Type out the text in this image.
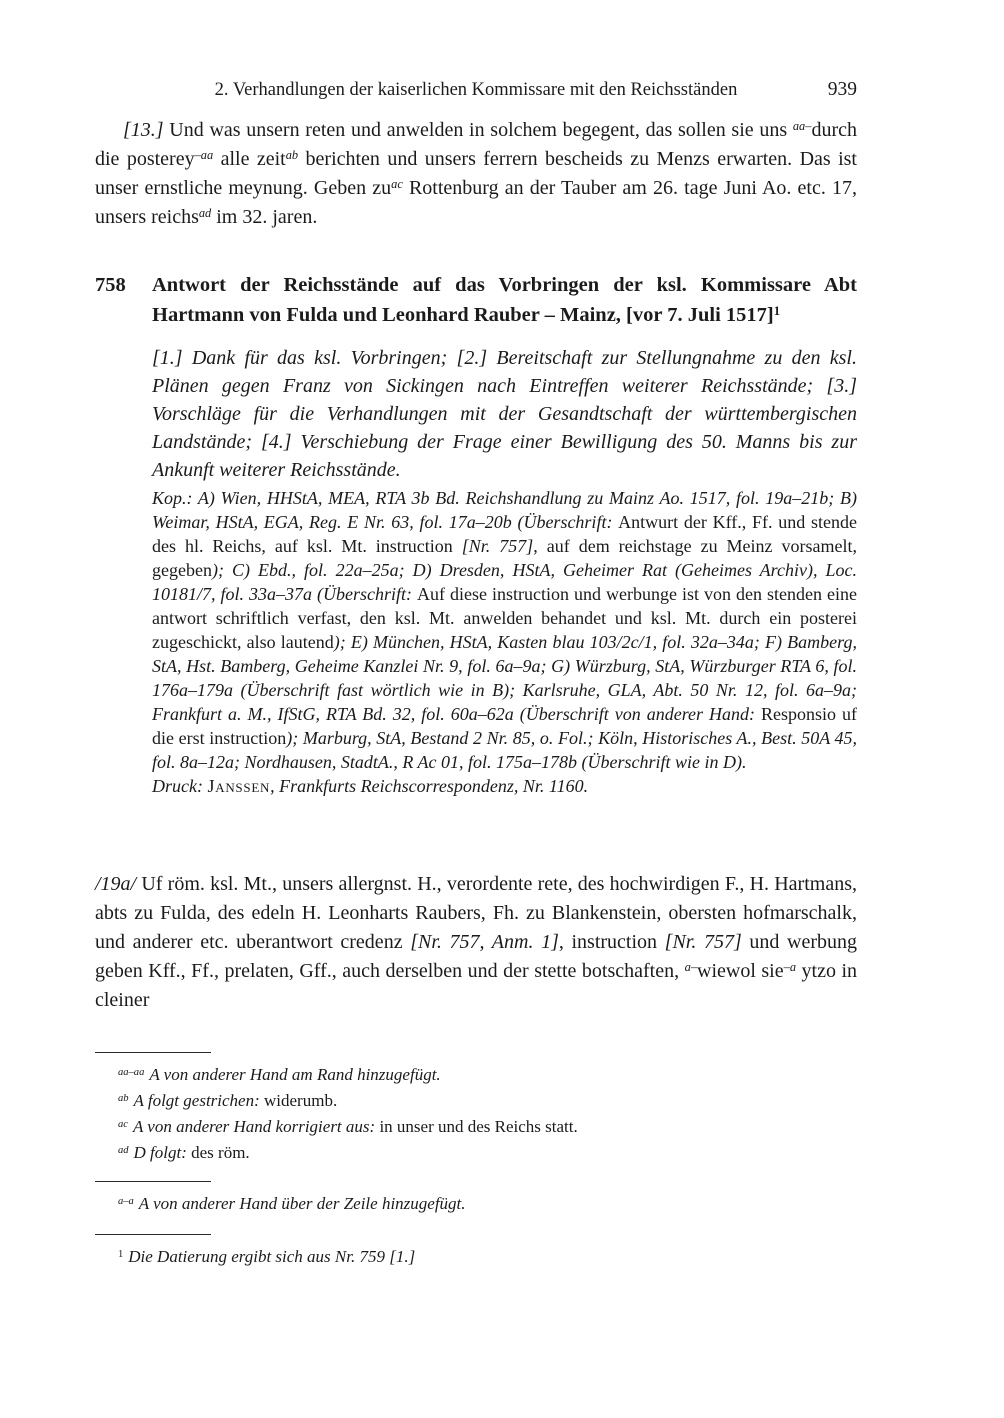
2. Verhandlungen der kaiserlichen Kommissare mit den Reichsständen	939

[13.] Und was unsern reten und anwelden in solchem begegent, das sollen sie uns $^{aa-}$durch die posterey$^{-aa}$ alle zeit$^{ab}$ berichten und unsers ferrern bescheids zu Menzs erwarten. Das ist unser ernstliche meynung. Geben $zu^{ac}$ Rottenburg an der Tauber am 26. tage Juni Ao. etc. 17, unsers reichs$^{ad}$ im 32. jaren.

758	Antwort der Reichsstände auf das Vorbringen der ksl. Kommissare Abt Hartmann von Fulda und Leonhard Rauber – Mainz, [vor 7. Juli 1517]$^1$

[1.] Dank für das ksl. Vorbringen; [2.] Bereitschaft zur Stellungnahme zu den ksl. Plänen gegen Franz von Sickingen nach Eintreffen weiterer Reichsstände; [3.] Vorschläge für die Verhandlungen mit der Gesandtschaft der württembergischen Landstände; [4.] Verschiebung der Frage einer Bewilligung des 50. Manns bis zur Ankunft weiterer Reichsstände.

Kop.: A) Wien, HHStA, MEA, RTA 3b Bd. Reichshandlung zu Mainz Ao. 1517, fol. 19a–21b; B) Weimar, HStA, EGA, Reg. E Nr. 63, fol. 17a–20b (Überschrift: Antwurt der Kff., Ff. und stende des hl. Reichs, auf ksl. Mt. instruction [Nr. 757], auf dem reichstage zu Meinz vorsamelt, gegeben); C) Ebd., fol. 22a–25a; D) Dresden, HStA, Geheimer Rat (Geheimes Archiv), Loc. 10181/7, fol. 33a–37a (Überschrift: Auf diese instruction und werbunge ist von den stenden eine antwort schriftlich verfast, den ksl. Mt. anwelden behandet und ksl. Mt. durch ein posterei zugeschickt, also lautend); E) München, HStA, Kasten blau 103/2c/1, fol. 32a–34a; F) Bamberg, StA, Hst. Bamberg, Geheime Kanzlei Nr. 9, fol. 6a–9a; G) Würzburg, StA, Würzburger RTA 6, fol. 176a–179a (Überschrift fast wörtlich wie in B); Karlsruhe, GLA, Abt. 50 Nr. 12, fol. 6a–9a; Frankfurt a. M., IfStG, RTA Bd. 32, fol. 60a–62a (Überschrift von anderer Hand: Responsio uf die erst instruction); Marburg, StA, Bestand 2 Nr. 85, o. Fol.; Köln, Historisches A., Best. 50A 45, fol. 8a–12a; Nordhausen, StadtA., R Ac 01, fol. 175a–178b (Überschrift wie in D).

Druck: Janssen, Frankfurts Reichscorrespondenz, Nr. 1160.

/19a/ Uf röm. ksl. Mt., unsers allergnst. H., verordente rete, des hochwirdigen F., H. Hartmans, abts zu Fulda, des edeln H. Leonharts Raubers, Fh. zu Blankenstein, obersten hofmarschalk, und anderer etc. uberantwort credenz [Nr. 757, Anm. 1], instruction [Nr. 757] und werbung geben Kff., Ff., prelaten, Gff., auch derselben und der stette botschaften, $^{a-}$wiewol sie$^{-a}$ ytzo in cleiner

$^{aa-aa}$ A von anderer Hand am Rand hinzugefügt.

$^{ab}$ A folgt gestrichen: widerumb.

$^{ac}$ A von anderer Hand korrigiert aus: in unser und des Reichs statt.

$^{ad}$ D folgt: des röm.

$^{a-a}$ A von anderer Hand über der Zeile hinzugefügt.

$^1$ Die Datierung ergibt sich aus Nr. 759 [1.]
